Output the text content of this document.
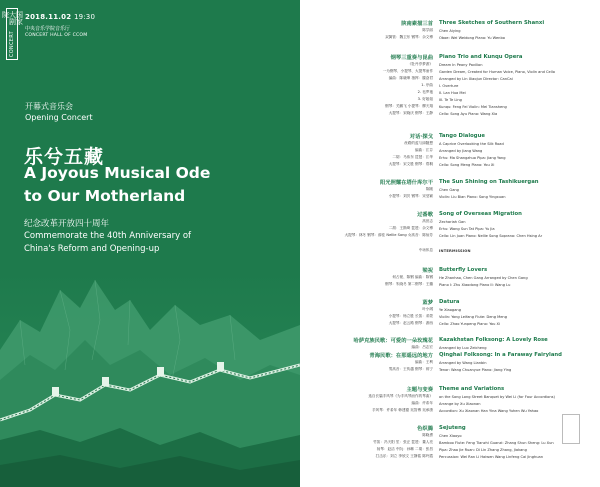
国家大剧院
CONCERT
2018.11.02 19:30
中央音乐学院音乐厅
CONCERT HALL OF CCOM
开幕式音乐会
Opening Concert
乐兮五藏
A Joyous Musical Ode
to Our Motherland
纪念改革开放四十周年
Commemorate the 40th Anniversary of
China's Reform and Opening-up
陕南素描三首	Three Sketches of Southern Shanxi
陈学丽	Chen Aiying
双簧管：魏卫东 钢琴：余文博	Oboe: Wei Weidong Piano: Yu Wenbo
钢琴三重奏与昆曲	Piano Trio and Kunqu Opera
《牡丹亭梦游》	Dream In Peony Pavilion
一为钢琴、小提琴、大提琴而作	Garden Dream, Created for Human Voice, Piano, Violin and Cello
编曲：陈晓坤 指挥：滕奋君	Arranged by Lin Xiaojun Director: CanCai
1. 序曲	I. Overture
2. 皂罗袍	II. Lan Hua Mei
3. 好姐姐	III. Te Te Ling
钢琴：关鹏飞 小提琴：柳天翔	Kunqu: Feng Fei Violin: Mei Tiansheng
大提琴：宋晓庆 钢琴：王静	Cello: Song Ayu Piano: Wang Xia
对话·探戈	Tango Dialogue
丝路的蓝与绿随想	A Caprice Overlooking the Silk Road
编曲：江芬	Arranged by Jiang Wang
二胡：马伟东 琵琶：江华	Erhu: Ma Shangzhuo Pipa: Jiang Yang
大提琴：宋文胜 钢琴：郑桐	Cello: Song Meng Piano: You Xi
阳光照耀在塔什库尔干	The Sun Shining on Tashikuergan
陈刚	Chen Gang
小提琴：刘贝 钢琴：宋莹颖	Violin: Liu Bian Piano: Song Yingxuan
过番歌	Song of Overseas Migration
高世志	Zechariah Gan
二胡：王斯琦 琵琶：余文博	Erhu: Wang Sun Tat Pipa: Yu Jia
大提琴：林冬 钢琴：薛佳 Nellie Song 女高音：陈仙芳	Cello: Lin Juan Piano: Nellie Song Soprano: Chen Hsing Ar
中场休息	INTERMISSION
梁祝	Butterfly Lovers
何占豪、陈钢 编曲：陈钢	He Zhanhao, Chen Gang Arranged by Chen Gang
钢琴：朱晓冬 第二钢琴：王璐	Piano I: Zhu Xiaodong Piano II: Wang Lu
蓝梦	Datura
叶小纲	Ye Xiaogang
小提琴：杨立胜 长笛：邓蒙	Violin: Yang Leifang Flute: Deng Meng
大提琴：赵云路 钢琴：游西	Cello: Zhao Yunpeng Piano: You Xi
哈萨克族民歌：可爱的一朵玫瑰花	Kazakhstan Folksong: A Lovely Rose
编曲：吕志宏	Arranged by Luo Zeicheng
青海民歌：在那遥远的地方	Qinghai Folksong: In a Faraway Fairyland
编曲：王利	Arranged by Wang Lianbin
男高音：王传越 钢琴：蒋宁	Tenor: Wang Chuanyue Piano: Jiang Ying
主题与变奏	Theme and Variations
选自长篇手风琴《为手风琴而作的琴曲》	on the Song Long Street Banquet by Wei Li (for Four Accordions)
编曲：许希年	Arrange by Xu Xiaonan
手风琴：许希年 韩建德 吴智博 吴承康	Accordion: Xu Xiaonan Han Yina Wang Yuhen Wu Yahao
色织腾	Sejuteng
陈晓勇	Chen Xiaoyo
竹笛：冯天阳 笙：张正 琵琶：董人亮	Bamboo Flute: Feng Tianzhi Guanzi: Zhang Shun Sheng: Lu Xun
扬琴：赵洁 中阮：孙琳 二胡：张昌	Pipa: Zhao Jie Ruan: Di Lin Zhang Zhang, Jiakang
打击乐：刘立 李欣文 王静铭 陈玲霞	Percussion: Wei Ran Li Haiwen Wang Linfeng Cai Jinghuan
